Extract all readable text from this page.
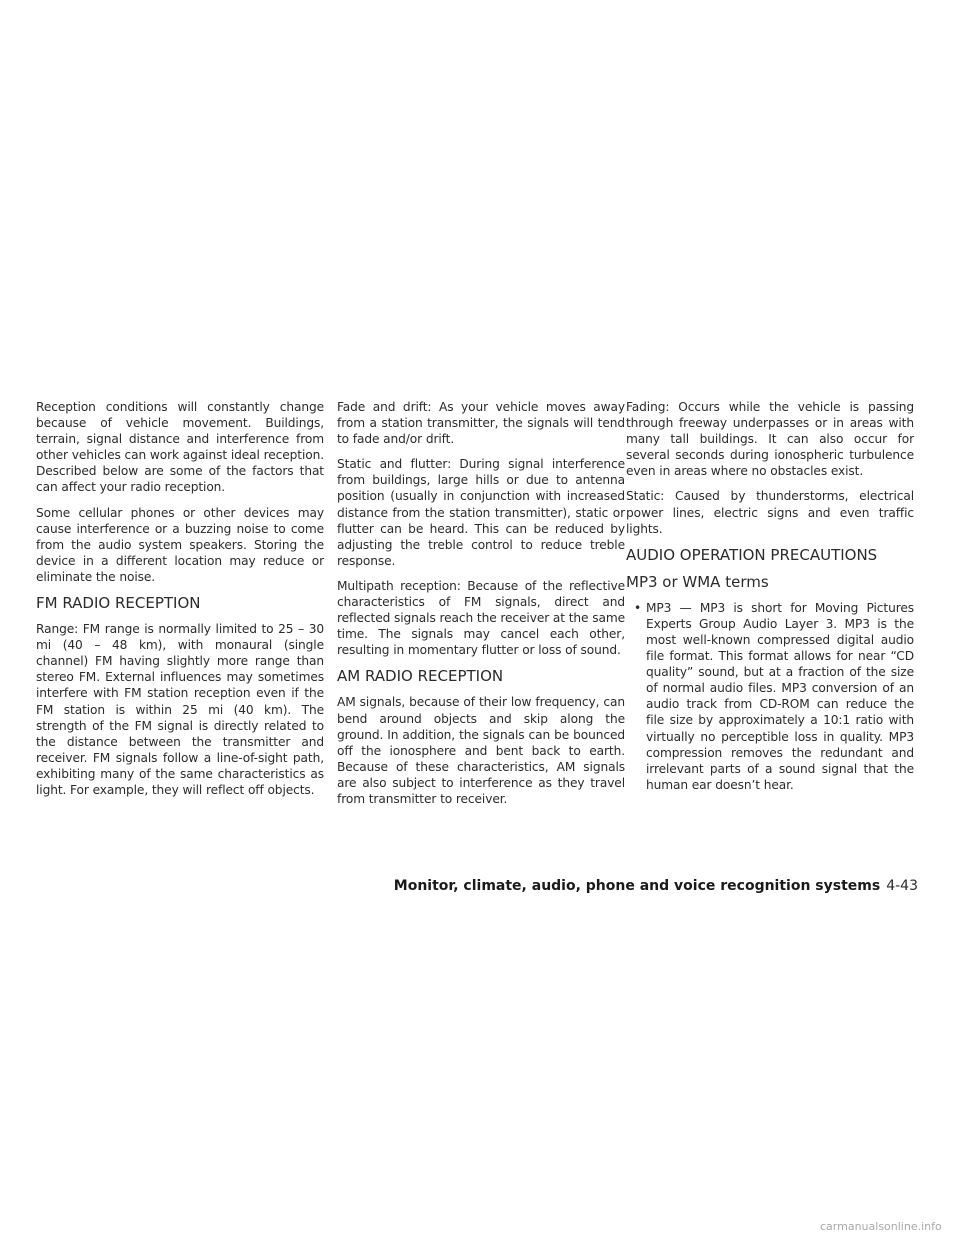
Reception conditions will constantly change because of vehicle movement. Buildings, terrain, signal distance and interference from other vehicles can work against ideal reception. Described below are some of the factors that can affect your radio reception.

Some cellular phones or other devices may cause interference or a buzzing noise to come from the audio system speakers. Storing the device in a different location may reduce or eliminate the noise.

FM RADIO RECEPTION

Range: FM range is normally limited to 25 – 30 mi (40 – 48 km), with monaural (single channel) FM having slightly more range than stereo FM. External influences may sometimes interfere with FM station reception even if the FM station is within 25 mi (40 km). The strength of the FM signal is directly related to the distance between the transmitter and receiver. FM signals follow a line-of-sight path, exhibiting many of the same characteristics as light. For example, they will reflect off objects.

Fade and drift: As your vehicle moves away from a station transmitter, the signals will tend to fade and/or drift.

Static and flutter: During signal interference from buildings, large hills or due to antenna position (usually in conjunction with increased distance from the station transmitter), static or flutter can be heard. This can be reduced by adjusting the treble control to reduce treble response.

Multipath reception: Because of the reflective characteristics of FM signals, direct and reflected signals reach the receiver at the same time. The signals may cancel each other, resulting in momentary flutter or loss of sound.

AM RADIO RECEPTION

AM signals, because of their low frequency, can bend around objects and skip along the ground. In addition, the signals can be bounced off the ionosphere and bent back to earth. Because of these characteristics, AM signals are also subject to interference as they travel from transmitter to receiver.

Fading: Occurs while the vehicle is passing through freeway underpasses or in areas with many tall buildings. It can also occur for several seconds during ionospheric turbulence even in areas where no obstacles exist.

Static: Caused by thunderstorms, electrical power lines, electric signs and even traffic lights.

AUDIO OPERATION PRECAUTIONS
MP3 or WMA terms
• MP3 — MP3 is short for Moving Pictures Experts Group Audio Layer 3. MP3 is the most well-known compressed digital audio file format. This format allows for near “CD quality” sound, but at a fraction of the size of normal audio files. MP3 conversion of an audio track from CD-ROM can reduce the file size by approximately a 10:1 ratio with virtually no perceptible loss in quality. MP3 compression removes the redundant and irrelevant parts of a sound signal that the human ear doesn’t hear.
Monitor, climate, audio, phone and voice recognition systems 4-43
carmanualsonline.info
